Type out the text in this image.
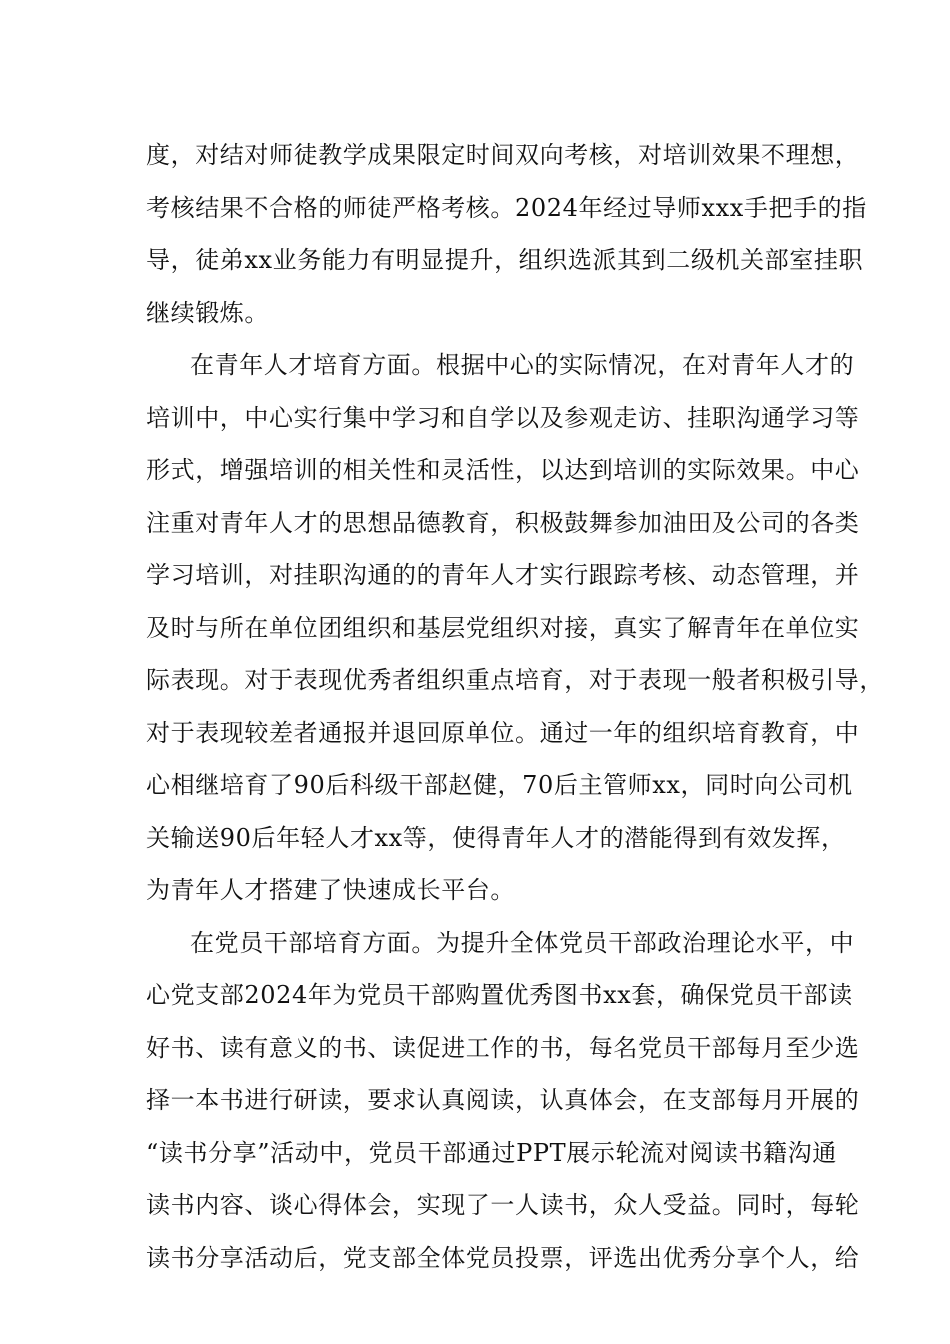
度，对结对师徒教学成果限定时间双向考核，对培训效果不理想，
考核结果不合格的师徒严格考核。2024年经过导师xxx手把手的指
导，徒弟xx业务能力有明显提升，组织选派其到二级机关部室挂职
继续锻炼。
在青年人才培育方面。根据中心的实际情况，在对青年人才的
培训中，中心实行集中学习和自学以及参观走访、挂职沟通学习等
形式，增强培训的相关性和灵活性，以达到培训的实际效果。中心
注重对青年人才的思想品德教育，积极鼓舞参加油田及公司的各类
学习培训，对挂职沟通的的青年人才实行跟踪考核、动态管理，并
及时与所在单位团组织和基层党组织对接，真实了解青年在单位实
际表现。对于表现优秀者组织重点培育，对于表现一般者积极引导，
对于表现较差者通报并退回原单位。通过一年的组织培育教育，中
心相继培育了90后科级干部赵健，70后主管师xx，同时向公司机
关输送90后年轻人才xx等，使得青年人才的潜能得到有效发挥，
为青年人才搭建了快速成长平台。
在党员干部培育方面。为提升全体党员干部政治理论水平，中
心党支部2024年为党员干部购置优秀图书xx套，确保党员干部读
好书、读有意义的书、读促进工作的书，每名党员干部每月至少选
择一本书进行研读，要求认真阅读，认真体会，在支部每月开展的
“读书分享”活动中，党员干部通过PPT展示轮流对阅读书籍沟通
读书内容、谈心得体会，实现了一人读书，众人受益。同时，每轮
读书分享活动后，党支部全体党员投票，评选出优秀分享个人，给
